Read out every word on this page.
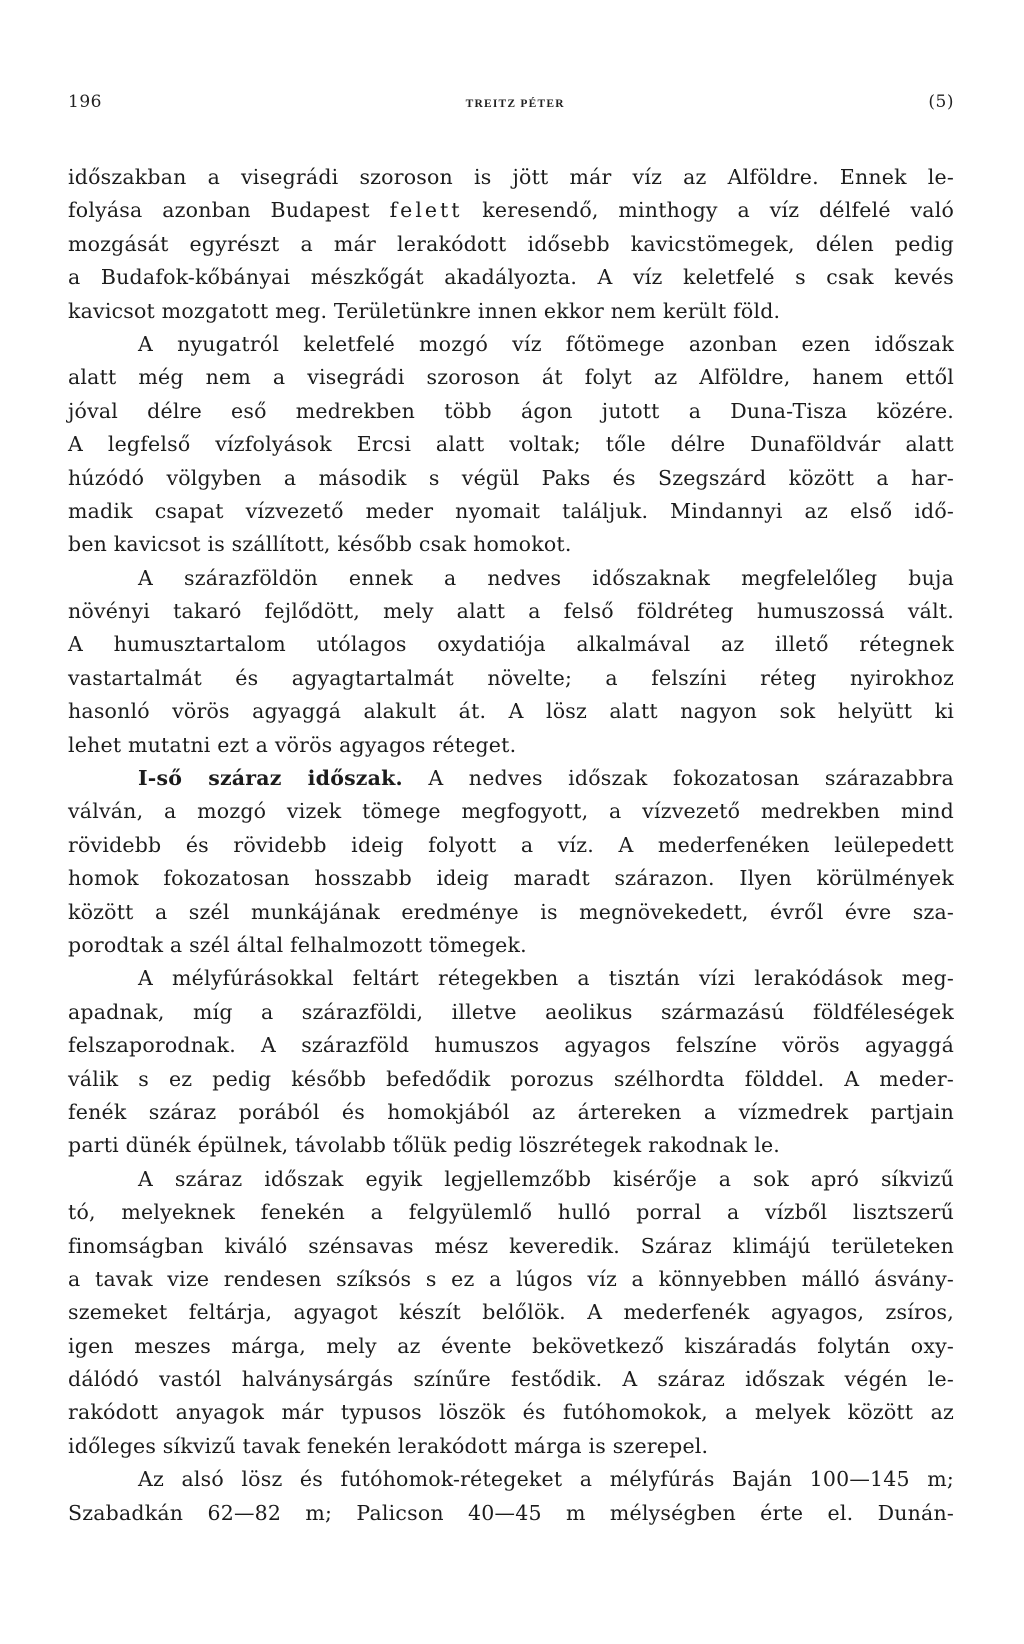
196	TREITZ PÉTER	(5)
időszakban a visegrádi szoroson is jött már víz az Alföldre. Ennek le-
folyása azonban Budapest felett keresendő, minthogy a víz délfelé való
mozgását egyrészt a már lerakódott idősebb kavicstömegek, délen pedig
a Budafok-kőbányai mészkőgát akadályozta. A víz keletfelé s csak kevés
kavicsot mozgatott meg. Területünkre innen ekkor nem került föld.
A nyugatról keletfelé mozgó víz főtömege azonban ezen időszak
alatt még nem a visegrádi szoroson át folyt az Alföldre, hanem ettől
jóval délre eső medrekben több ágon jutott a Duna-Tisza közére.
A legfelső vízfolyások Ercsi alatt voltak; tőle délre Dunaföldvár alatt
húzódó völgyben a második s végül Paks és Szegszárd között a har-
madik csapat vízvezető meder nyomait találjuk. Mindannyi az első idő-
ben kavicsot is szállított, később csak homokot.
A szárazföldön ennek a nedves időszaknak megfelelőleg buja
növényi takaró fejlődött, mely alatt a felső földréteg humuszossá vált.
A humusztartalom utólagos oxydatiója alkalmával az illető rétegnek
vastartalmát és agyagtartalmát növelte; a felszíni réteg nyirokhoz
hasonló vörös agyaggá alakult át. A lösz alatt nagyon sok helyütt ki
lehet mutatni ezt a vörös agyagos réteget.
I-ső száraz időszak. A nedves időszak fokozatosan szárazabbra
válván, a mozgó vizek tömege megfogyott, a vízvezető medrekben mind
rövidebb és rövidebb ideig folyott a víz. A mederfenéken leülepedett
homok fokozatosan hosszabb ideig maradt szárazon. Ilyen körülmények
között a szél munkájának eredménye is megnövekedett, évről évre sza-
porodtak a szél által felhalmozott tömegek.
A mélyfúrásokkal feltárt rétegekben a tisztán vízi lerakódások meg-
apadnak, míg a szárazföldi, illetve aeolikus származású földféleségek
felszaporodnak. A szárazföld humuszos agyagos felszíne vörös agyaggá
válik s ez pedig később befedődik porozus szélhordta földdel. A meder-
fenék száraz porából és homokjából az ártereken a vízmedrek partjain
parti dünék épülnek, távolabb tőlük pedig löszrétegek rakodnak le.
A száraz időszak egyik legjellemzőbb kisérője a sok apró síkvizű
tó, melyeknek fenekén a felgyülemlő hulló porral a vízből lisztszerű
finomságban kiváló szénsavas mész keveredik. Száraz klimájú területeken
a tavak vize rendesen szíksós s ez a lúgos víz a könnyebben málló ásvány-
szemeket feltárja, agyagot készít belőlök. A mederfenék agyagos, zsíros,
igen meszes márga, mely az évente bekövetkező kiszáradás folytán oxy-
dálódó vastól halványsárgás színűre festődik. A száraz időszak végén le-
rakódott anyagok már typusos löszök és futóhomokok, a melyek között az
időleges síkvizű tavak fenekén lerakódott márga is szerepel.
Az alsó lösz és futóhomok-rétegeket a mélyfúrás Baján 100—145 m;
Szabadkán 62—82 m; Palicson 40—45 m mélységben érte el. Dunán-
